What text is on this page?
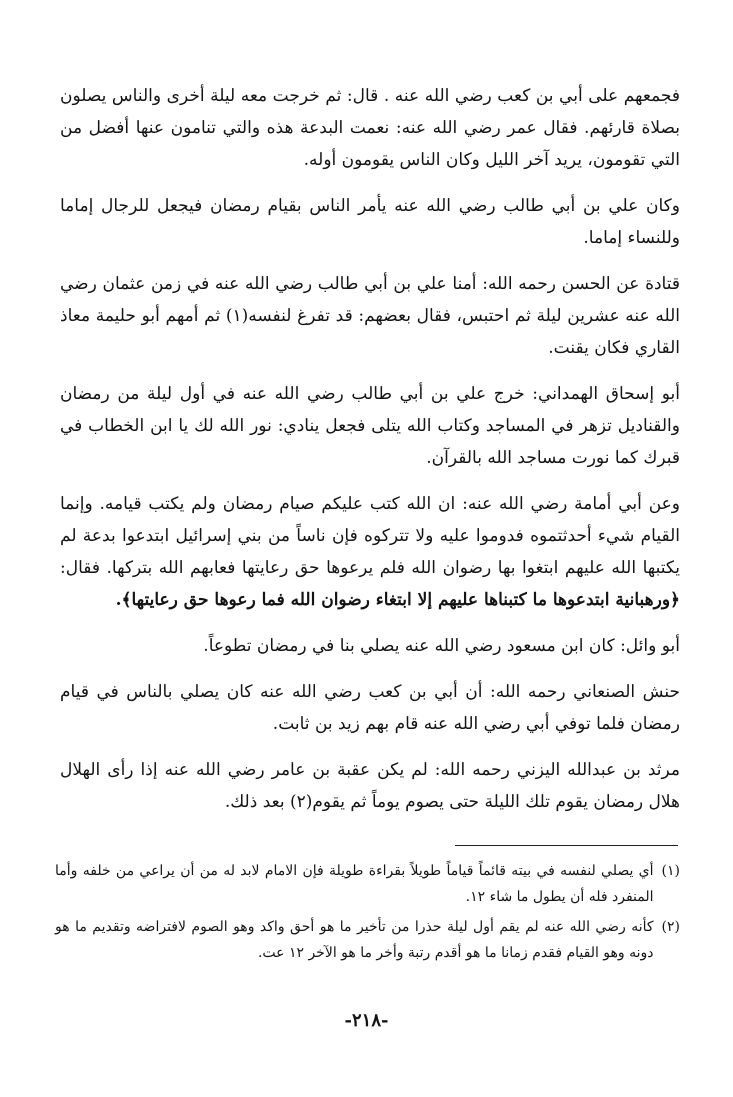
فجمعهم على أبي بن كعب رضي الله عنه . قال: ثم خرجت معه ليلة أخرى والناس يصلون بصلاة قارئهم. فقال عمر رضي الله عنه: نعمت البدعة هذه والتي تنامون عنها أفضل من التي تقومون، يريد آخر الليل وكان الناس يقومون أوله.

وكان علي بن أبي طالب رضي الله عنه يأمر الناس بقيام رمضان فيجعل للرجال إماما وللنساء إماما.

قتادة عن الحسن رحمه الله: أمنا علي بن أبي طالب رضي الله عنه في زمن عثمان رضي الله عنه عشرين ليلة ثم احتبس، فقال بعضهم: قد تفرغ لنفسه(١) ثم أمهم أبو حليمة معاذ القاري فكان يقنت.

أبو إسحاق الهمداني: خرج علي بن أبي طالب رضي الله عنه في أول ليلة من رمضان والقناديل تزهر في المساجد وكتاب الله يتلى فجعل ينادي: نور الله لك يا ابن الخطاب في قبرك كما نورت مساجد الله بالقرآن.

وعن أبي أمامة رضي الله عنه: ان الله كتب عليكم صيام رمضان ولم يكتب قيامه. وإنما القيام شيء أحدثتموه فدوموا عليه ولا تتركوه فإن ناساً من بني إسرائيل ابتدعوا بدعة لم يكتبها الله عليهم ابتغوا بها رضوان الله فلم يرعوها حق رعايتها فعابهم الله بتركها. فقال: ﴿ورهبانية ابتدعوها ما كتبناها عليهم إلا ابتغاء رضوان الله فما رعوها حق رعايتها﴾.

أبو وائل: كان ابن مسعود رضي الله عنه يصلي بنا في رمضان تطوعاً.

حنش الصنعاني رحمه الله: أن أبي بن كعب رضي الله عنه كان يصلي بالناس في قيام رمضان فلما توفي أبي رضي الله عنه قام بهم زيد بن ثابت.

مرثد بن عبدالله اليزني رحمه الله: لم يكن عقبة بن عامر رضي الله عنه إذا رأى الهلال هلال رمضان يقوم تلك الليلة حتى يصوم يوماً ثم يقوم(٢) بعد ذلك.

(١)
أي يصلي لنفسه في بيته قائماً قياماً طويلاً بقراءة طويلة فإن الامام لابد له من أن يراعي من خلفه وأما المنفرد فله أن يطول ما شاء ١٢.
(٢)
كأنه رضي الله عنه لم يقم أول ليلة حذرا من تأخير ما هو أحق واكد وهو الصوم لافتراضه وتقديم ما هو دونه وهو القيام فقدم زمانا ما هو أقدم رتبة وأخر ما هو الآخر ١٢ عت.
-٢١٨-
